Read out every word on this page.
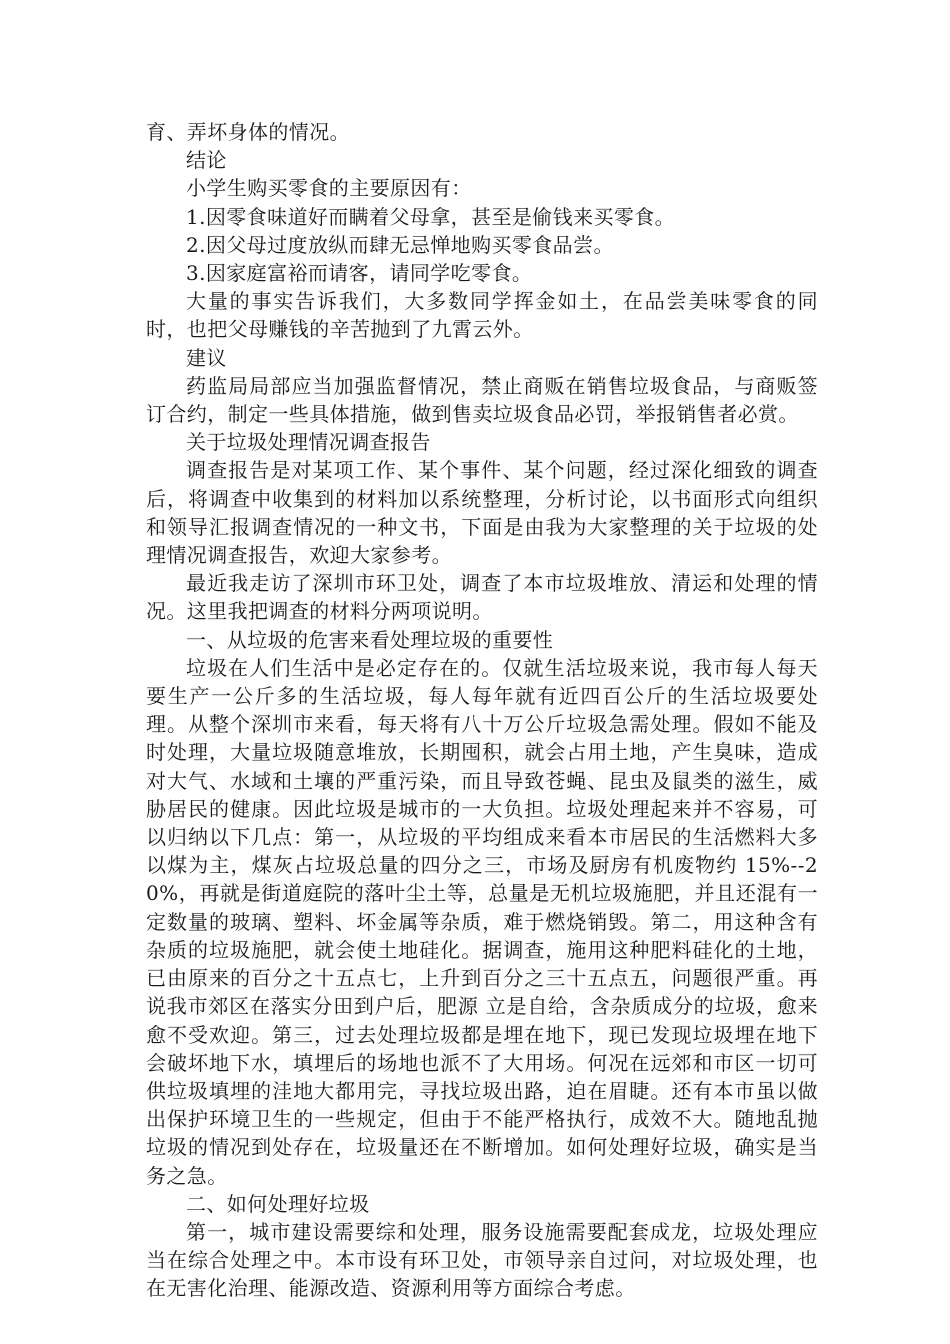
育、弄坏身体的情况。

结论

小学生购买零食的主要原因有：

1.因零食味道好而瞒着父母拿，甚至是偷钱来买零食。

2.因父母过度放纵而肆无忌惮地购买零食品尝。

3.因家庭富裕而请客，请同学吃零食。

大量的事实告诉我们，大多数同学挥金如土，在品尝美味零食的同时，也把父母赚钱的辛苦抛到了九霄云外。

建议

药监局局部应当加强监督情况，禁止商贩在销售垃圾食品，与商贩签订合约，制定一些具体措施，做到售卖垃圾食品必罚，举报销售者必赏。

关于垃圾处理情况调查报告

调查报告是对某项工作、某个事件、某个问题，经过深化细致的调查后，将调查中收集到的材料加以系统整理，分析讨论，以书面形式向组织和领导汇报调查情况的一种文书，下面是由我为大家整理的关于垃圾的处理情况调查报告，欢迎大家参考。

最近我走访了深圳市环卫处，调查了本市垃圾堆放、清运和处理的情况。这里我把调查的材料分两项说明。

一、从垃圾的危害来看处理垃圾的重要性

垃圾在人们生活中是必定存在的。仅就生活垃圾来说，我市每人每天要生产一公斤多的生活垃圾，每人每年就有近四百公斤的生活垃圾要处理。从整个深圳市来看，每天将有八十万公斤垃圾急需处理。假如不能及时处理，大量垃圾随意堆放，长期囤积，就会占用土地，产生臭味，造成对大气、水域和土壤的严重污染，而且导致苍蝇、昆虫及鼠类的滋生，威胁居民的健康。因此垃圾是城市的一大负担。垃圾处理起来并不容易，可以归纳以下几点：第一，从垃圾的平均组成来看本市居民的生活燃料大多以煤为主，煤灰占垃圾总量的四分之三，市场及厨房有机废物约 15%--20%，再就是街道庭院的落叶尘土等，总量是无机垃圾施肥，并且还混有一定数量的玻璃、塑料、坏金属等杂质，难于燃烧销毁。第二，用这种含有杂质的垃圾施肥，就会使土地硅化。据调查，施用这种肥料硅化的土地，已由原来的百分之十五点七，上升到百分之三十五点五，问题很严重。再说我市郊区在落实分田到户后，肥源 立是自给，含杂质成分的垃圾，愈来愈不受欢迎。第三，过去处理垃圾都是埋在地下，现已发现垃圾埋在地下会破坏地下水，填埋后的场地也派不了大用场。何况在远郊和市区一切可供垃圾填埋的洼地大都用完，寻找垃圾出路，迫在眉睫。还有本市虽以做出保护环境卫生的一些规定，但由于不能严格执行，成效不大。随地乱抛垃圾的情况到处存在，垃圾量还在不断增加。如何处理好垃圾，确实是当务之急。

二、如何处理好垃圾

第一，城市建设需要综和处理，服务设施需要配套成龙，垃圾处理应当在综合处理之中。本市设有环卫处，市领导亲自过问，对垃圾处理，也在无害化治理、能源改造、资源利用等方面综合考虑。
